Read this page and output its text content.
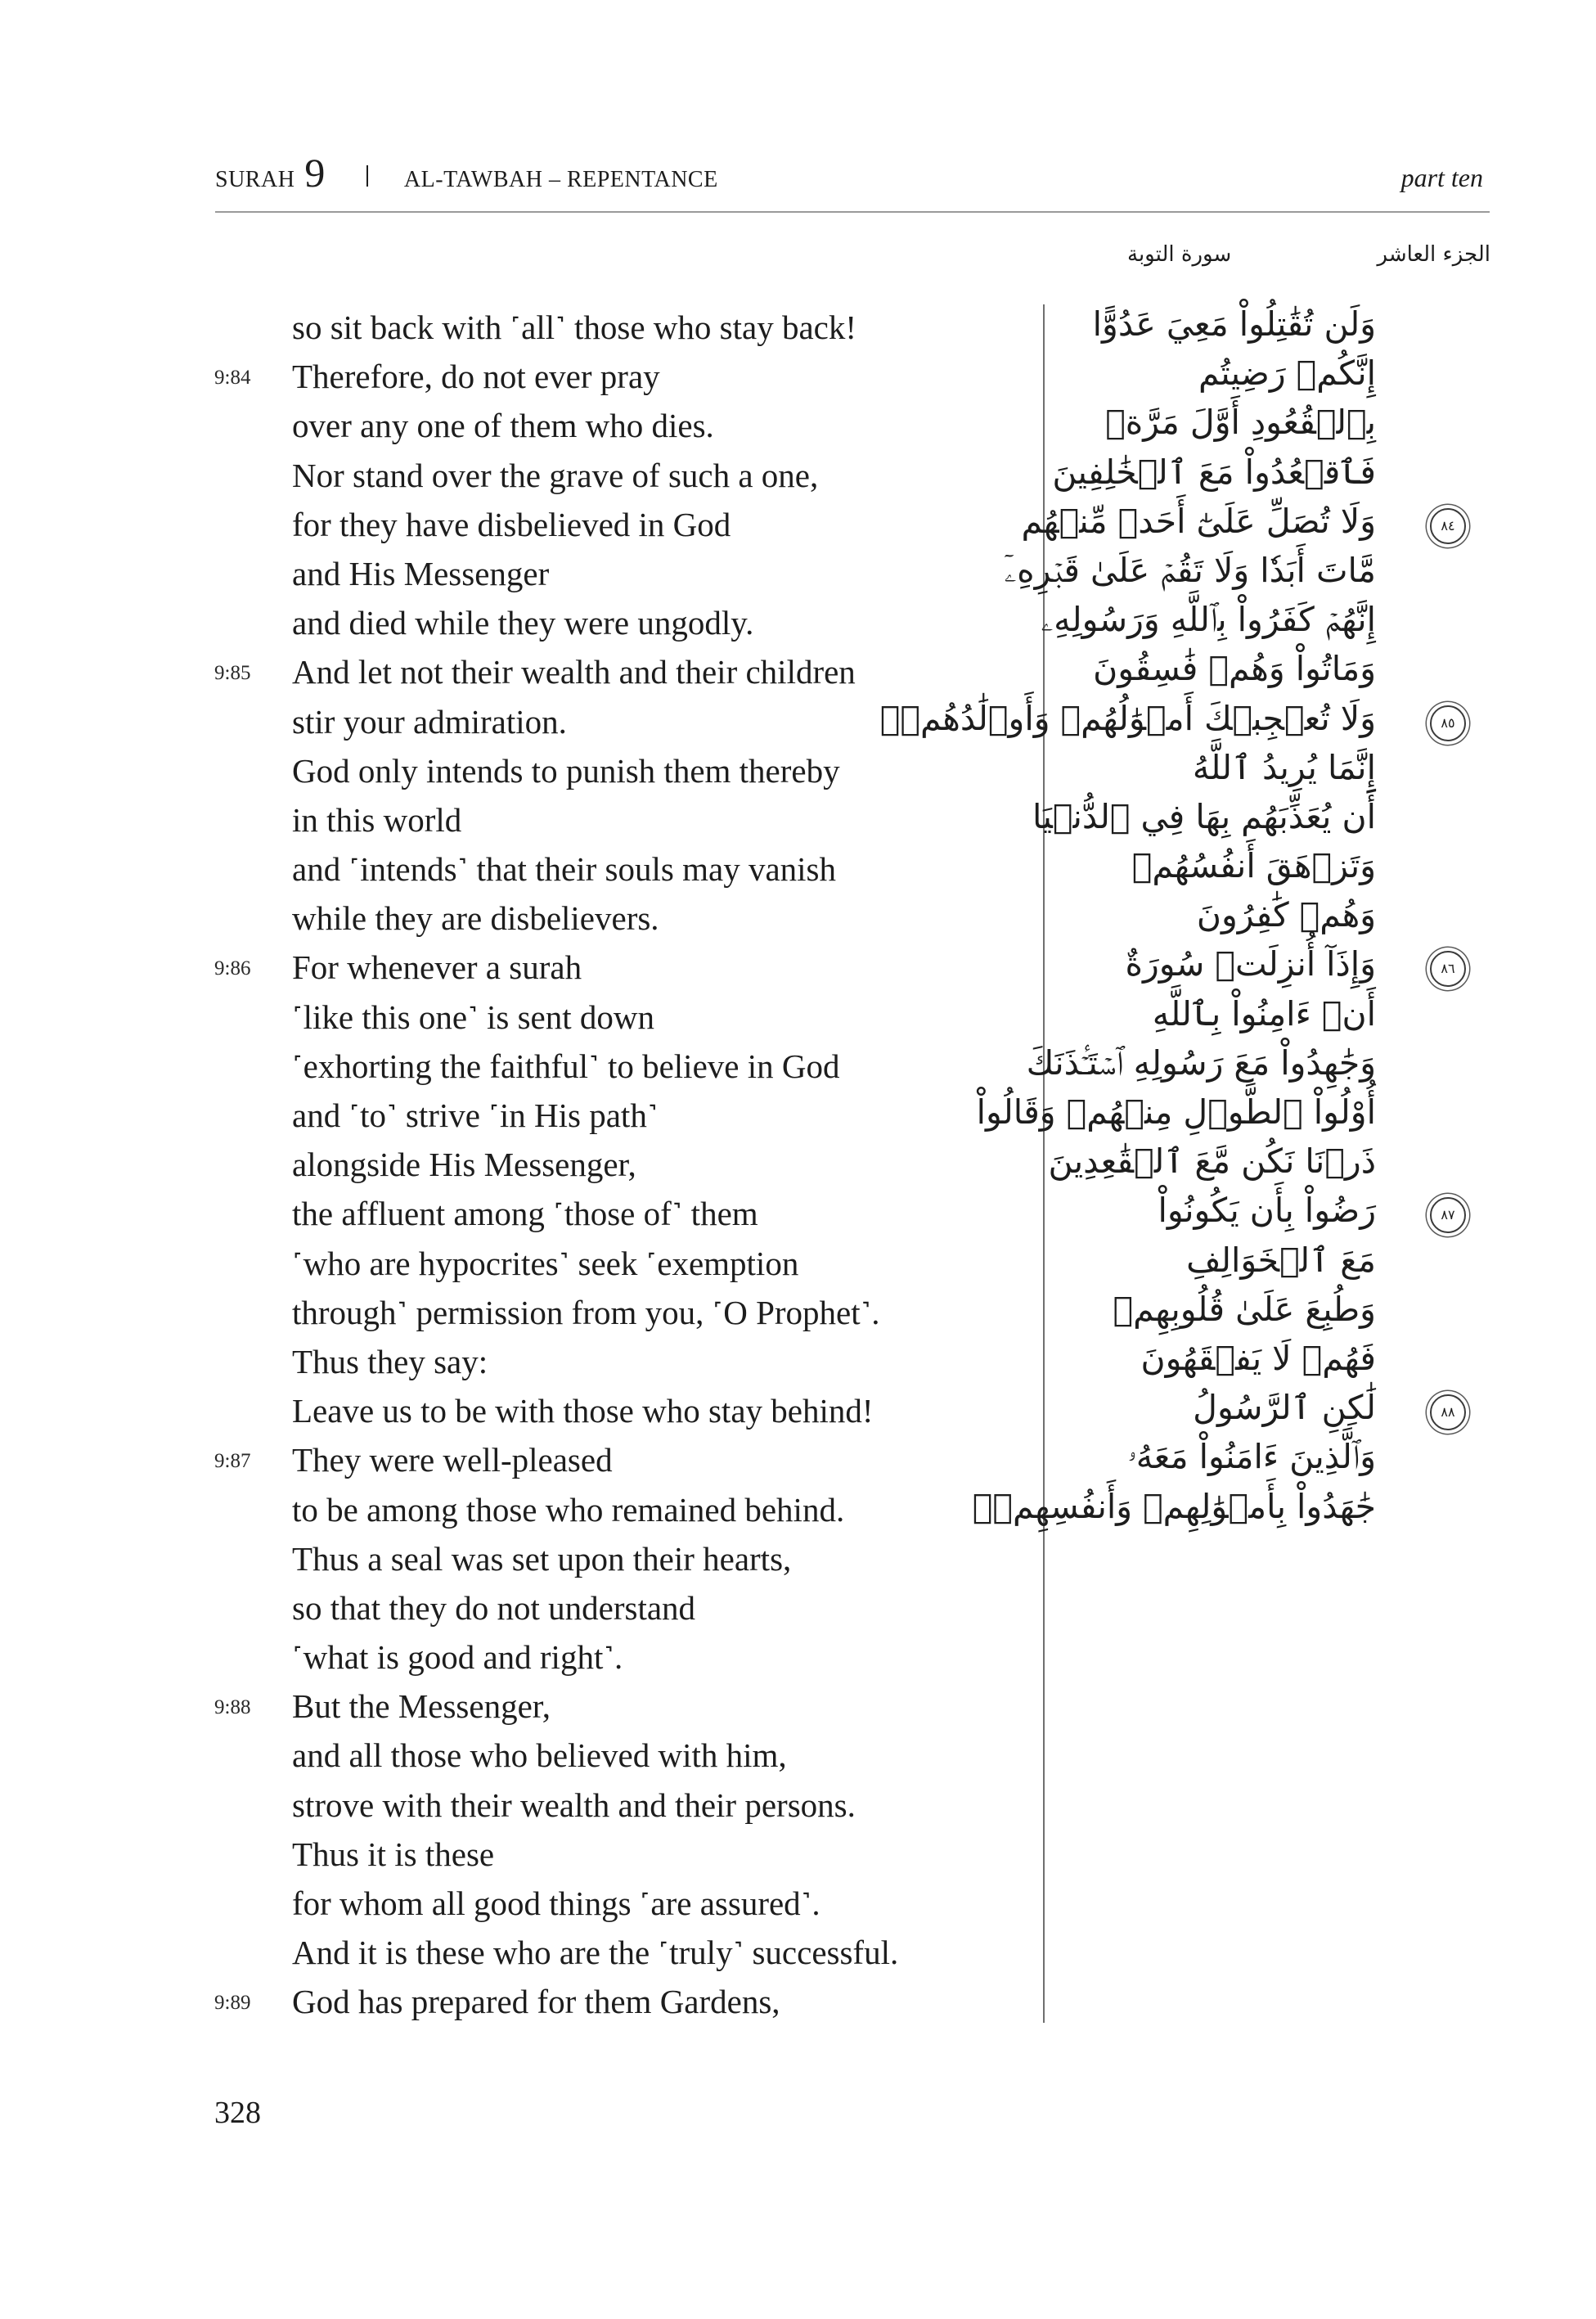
SURAH 9	AL-TAWBAH – REPENTANCE	part ten
الجزء العاشر
سورة التوبة
so sit back with ˹all˺ those who stay back!
9:84 Therefore, do not ever pray
over any one of them who dies.
Nor stand over the grave of such a one,
for they have disbelieved in God
and His Messenger
and died while they were ungodly.
9:85 And let not their wealth and their children
stir your admiration.
God only intends to punish them thereby
in this world
and ˹intends˺ that their souls may vanish
while they are disbelievers.
9:86 For whenever a surah
˹like this one˺ is sent down
˹exhorting the faithful˺ to believe in God
and ˹to˺ strive ˹in His path˺
alongside His Messenger,
the affluent among ˹those of˺ them
˹who are hypocrites˺ seek ˹exemption
through˺ permission from you, ˹O Prophet˺.
Thus they say:
Leave us to be with those who stay behind!
9:87 They were well-pleased
to be among those who remained behind.
Thus a seal was set upon their hearts,
so that they do not understand
˹what is good and right˺.
9:88 But the Messenger,
and all those who believed with him,
strove with their wealth and their persons.
Thus it is these
for whom all good things ˹are assured˺.
And it is these who are the ˹truly˺ successful.
9:89 God has prepared for them Gardens,
وَلَن تُقَٰتِلُواْ مَعِيَ عَدُوًّا
إِنَّكُمۡ رَضِيتُم
بِٱلۡقُعُودِ أَوَّلَ مَرَّةٖ
فَٱقۡعُدُواْ مَعَ ٱلۡخَٰلِفِينَ
وَلَا تُصَلِّ عَلَىٰٓ أَحَدٖ مِّنۡهُم	٨٤
مَّاتَ أَبَدٗا وَلَا تَقُمۡ عَلَىٰ قَبۡرِهِۦٓ
إِنَّهُمۡ كَفَرُواْ بِٱللَّهِ وَرَسُولِهِۦ
وَمَاتُواْ وَهُمۡ فَٰسِقُونَ
وَلَا تُعۡجِبۡكَ أَمۡوَٰلُهُمۡ وَأَوۡلَٰدُهُمۡۚ	٨٥
إِنَّمَا يُرِيدُ ٱللَّهُ
أَن يُعَذِّبَهُم بِهَا فِي ٱلدُّنۡيَا
وَتَزۡهَقَ أَنفُسُهُمۡ
وَهُمۡ كَٰفِرُونَ
وَإِذَآ أُنزِلَتۡ سُورَةٌ	٨٦
أَنۡ ءَامِنُواْ بِٱللَّهِ
وَجَٰهِدُواْ مَعَ رَسُولِهِ ٱسۡتَـٔۡذَنَكَ
أُوْلُواْ ٱلطَّوۡلِ مِنۡهُمۡ وَقَالُواْ
ذَرۡنَا نَكُن مَّعَ ٱلۡقَٰعِدِينَ
رَضُواْ بِأَن يَكُونُواْ	٨٧
مَعَ ٱلۡخَوَالِفِ
وَطُبِعَ عَلَىٰ قُلُوبِهِمۡ
فَهُمۡ لَا يَفۡقَهُونَ
لَٰكِنِ ٱلرَّسُولُ	٨٨
وَٱلَّذِينَ ءَامَنُواْ مَعَهُۥ
جَٰهَدُواْ بِأَمۡوَٰلِهِمۡ وَأَنفُسِهِمۡۚ
328
